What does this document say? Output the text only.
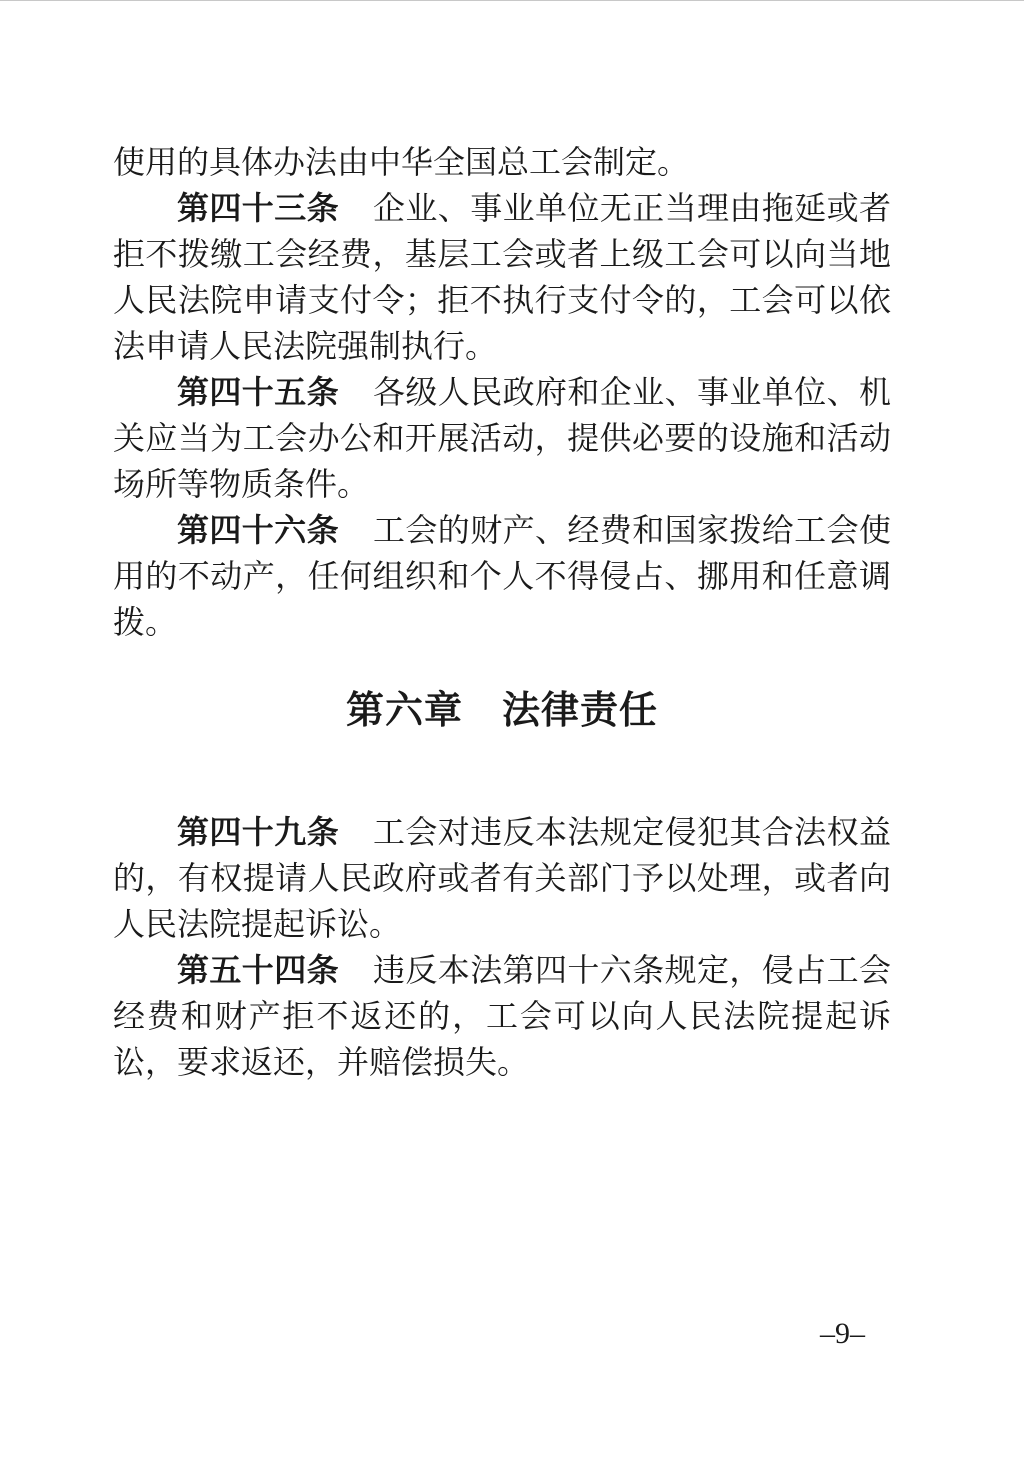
使用的具体办法由中华全国总工会制定。

第四十三条 企业、事业单位无正当理由拖延或者拒不拨缴工会经费，基层工会或者上级工会可以向当地人民法院申请支付令；拒不执行支付令的，工会可以依法申请人民法院强制执行。

第四十五条 各级人民政府和企业、事业单位、机关应当为工会办公和开展活动，提供必要的设施和活动场所等物质条件。

第四十六条 工会的财产、经费和国家拨给工会使用的不动产，任何组织和个人不得侵占、挪用和任意调拨。

第六章　法律责任

第四十九条 工会对违反本法规定侵犯其合法权益的，有权提请人民政府或者有关部门予以处理，或者向人民法院提起诉讼。

第五十四条 违反本法第四十六条规定，侵占工会经费和财产拒不返还的，工会可以向人民法院提起诉讼，要求返还，并赔偿损失。

–9–
